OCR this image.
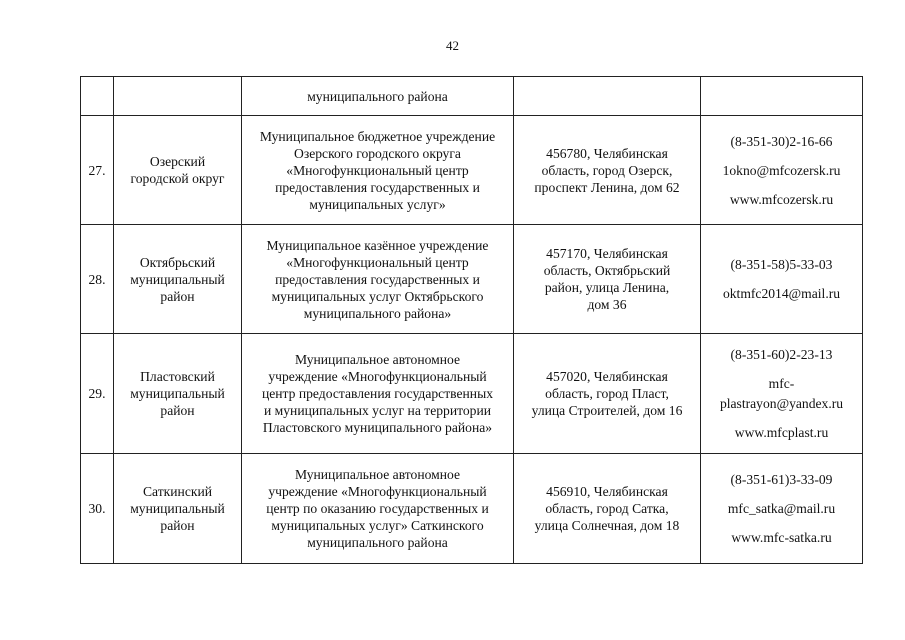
42
		муниципального района		
27.	Озерский
городской округ	Муниципальное бюджетное учреждение
Озерского городского округа
«Многофункциональный центр
предоставления государственных и
муниципальных услуг»	456780, Челябинская
область, город Озерск,
проспект Ленина, дом 62	(8-351-30)2-16-66
1okno@mfcozersk.ru
www.mfcozersk.ru

28.	Октябрьский
муниципальный
район	Муниципальное казённое учреждение
«Многофункциональный центр
предоставления государственных и
муниципальных услуг Октябрьского
муниципального района»	457170, Челябинская
область, Октябрьский
район, улица Ленина,
дом 36	(8-351-58)5-33-03
oktmfc2014@mail.ru

29.	Пластовский
муниципальный
район	Муниципальное автономное
учреждение «Многофункциональный
центр предоставления государственных
и муниципальных услуг на территории
Пластовского муниципального района»	457020, Челябинская
область, город Пласт,
улица Строителей, дом 16	(8-351-60)2-23-13
mfc-
plastrayon@yandex.ru
www.mfcplast.ru

30.	Саткинский
муниципальный
район	Муниципальное автономное
учреждение «Многофункциональный
центр по оказанию государственных и
муниципальных услуг» Саткинского
муниципального района	456910, Челябинская
область, город Сатка,
улица Солнечная, дом 18	(8-351-61)3-33-09
mfc_satka@mail.ru
www.mfc-satka.ru
